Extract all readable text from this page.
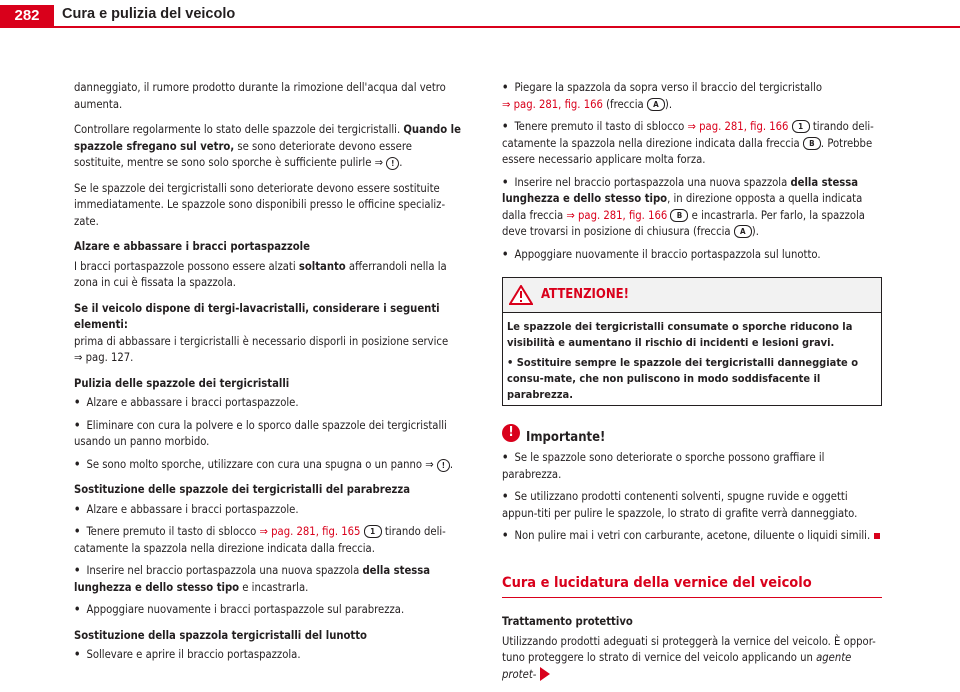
282	Cura e pulizia del veicolo

danneggiato, il rumore prodotto durante la rimozione dell'acqua dal vetro aumenta.

Controllare regolarmente lo stato delle spazzole dei tergicristalli. Quando le spazzole sfregano sul vetro, se sono deteriorate devono essere sostituite, mentre se sono solo sporche è sufficiente pulirle ⇒ ! .

Se le spazzole dei tergicristalli sono deteriorate devono essere sostituite immediatamente. Le spazzole sono disponibili presso le officine specializ-zate.

Alzare e abbassare i bracci portaspazzole

I bracci portaspazzole possono essere alzati soltanto afferrandoli nella la zona in cui è fissata la spazzola.

Se il veicolo dispone di tergi-lavacristalli, considerare i seguenti elementi:
prima di abbassare i tergicristalli è necessario disporli in posizione service
⇒ pag. 127.

Pulizia delle spazzole dei tergicristalli

• Alzare e abbassare i bracci portaspazzole.
• Eliminare con cura la polvere e lo sporco dalle spazzole dei tergicristalli usando un panno morbido.
• Se sono molto sporche, utilizzare con cura una spugna o un panno ⇒ ! .

Sostituzione delle spazzole dei tergicristalli del parabrezza

• Alzare e abbassare i bracci portaspazzole.
• Tenere premuto il tasto di sblocco ⇒ pag. 281, fig. 165 1 tirando deli-catamente la spazzola nella direzione indicata dalla freccia.
• Inserire nel braccio portaspazzola una nuova spazzola della stessa lunghezza e dello stesso tipo e incastrarla.
• Appoggiare nuovamente i bracci portaspazzole sul parabrezza.

Sostituzione della spazzola tergicristalli del lunotto

• Sollevare e aprire il braccio portaspazzola.
• Piegare la spazzola da sopra verso il braccio del tergicristallo
⇒ pag. 281, fig. 166 (freccia A ).
• Tenere premuto il tasto di sblocco ⇒ pag. 281, fig. 166 1 tirando deli-catamente la spazzola nella direzione indicata dalla freccia B . Potrebbe essere necessario applicare molta forza.
• Inserire nel braccio portaspazzola una nuova spazzola della stessa lunghezza e dello stesso tipo, in direzione opposta a quella indicata dalla freccia ⇒ pag. 281, fig. 166 B e incastrarla. Per farlo, la spazzola deve trovarsi in posizione di chiusura (freccia A ).
• Appoggiare nuovamente il braccio portaspazzola sul lunotto.
ATTENZIONE!
Le spazzole dei tergicristalli consumate o sporche riducono la visibilità e aumentano il rischio di incidenti e lesioni gravi.
• Sostituire sempre le spazzole dei tergicristalli danneggiate o consu-mate, che non puliscono in modo soddisfacente il parabrezza.
! Importante!
• Se le spazzole sono deteriorate o sporche possono graffiare il parabrezza.
• Se utilizzano prodotti contenenti solventi, spugne ruvide e oggetti appun-titi per pulire le spazzole, lo strato di grafite verrà danneggiato.
• Non pulire mai i vetri con carburante, acetone, diluente o liquidi simili.
Cura e lucidatura della vernice del veicolo

Trattamento protettivo

Utilizzando prodotti adeguati si proteggerà la vernice del veicolo. È oppor-tuno proteggere lo strato di vernice del veicolo applicando un agente protet-
